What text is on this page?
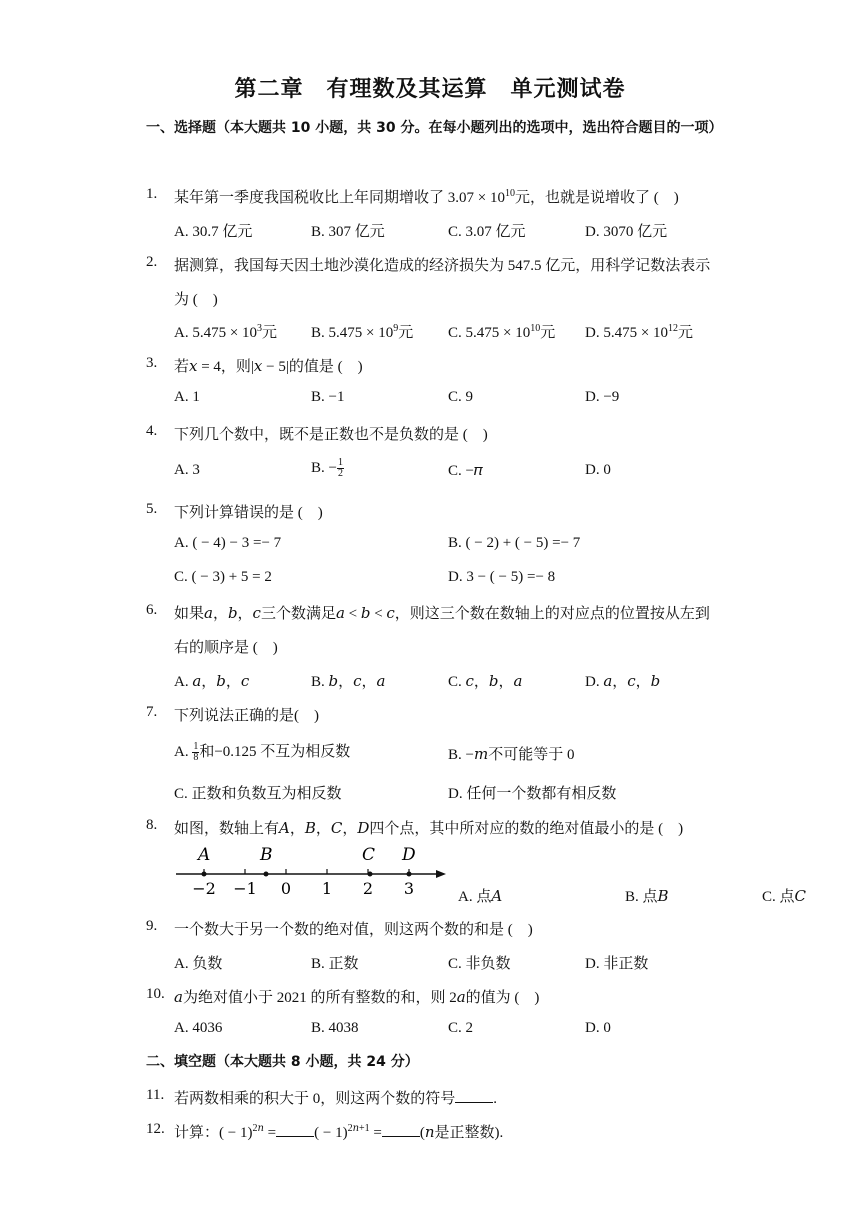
第二章　有理数及其运算　单元测试卷
一、选择题（本大题共 10 小题，共 30 分。在每小题列出的选项中，选出符合题目的一项）
1. 某年第一季度我国税收比上年同期增收了 $3.07 \times 10^{10}$元，也就是说增收了 (　)
A. 30.7 亿元	B. 307 亿元	C. 3.07 亿元	D. 3070 亿元
2. 据测算，我国每天因土地沙漠化造成的经济损失为 547.5 亿元，用科学记数法表示
为 (　)
A. $5.475 \times 10^3$元 B. $5.475 \times 10^9$元 C. $5.475 \times 10^{10}$元 D. $5.475 \times 10^{12}$元
3. 若𝑥 = 4，则|𝑥 − 5|的值是 (　)
A. 1	B. −1	C. 9	D. −9
4. 下列几个数中，既不是正数也不是负数的是 (　)
A. 3	B. − $\frac{1}{2}$	C. −𝜋	D. 0
5. 下列计算错误的是 (　)
A. ( − 4) − 3 =− 7	B. ( − 2) + ( − 5) =− 7
C. ( − 3) + 5 = 2	D. 3 − ( − 5) =− 8
6. 如果𝑎，𝑏，𝑐三个数满足𝑎 < 𝑏 < 𝑐，则这三个数在数轴上的对应点的位置按从左到
右的顺序是 (　)
A. 𝑎，𝑏，𝑐	B. 𝑏，𝑐，𝑎	C. 𝑐，𝑏，𝑎	D. 𝑎，𝑐，𝑏
7. 下列说法正确的是(　)
A. $\frac{1}{8}$ 和−0.125 不互为相反数	B. −𝑚不可能等于 0
C. 正数和负数互为相反数	D. 任何一个数都有相反数
8. 如图，数轴上有𝐴，𝐵，𝐶，𝐷四个点，其中所对应的数的绝对值最小的是 (　)
A	B	C D
−2 −1 0 1 2 3	A. 点𝐴	B. 点𝐵	C. 点𝐶
9. 一个数大于另一个数的绝对值，则这两个数的和是 (　)
A. 负数	B. 正数	C. 非负数	D. 非正数
10. 𝑎为绝对值小于 2021 的所有整数的和，则 2𝑎的值为 (　)
A. 4036	B. 4038	C. 2	D. 0
二、填空题（本大题共 8 小题，共 24 分）
11. 若两数相乘的积大于 0，则这两个数的符号	.
12. 计算：( − 1)$^{2𝑛}$ =	( − 1)$^{2𝑛+1}$ =	(𝑛是正整数).
